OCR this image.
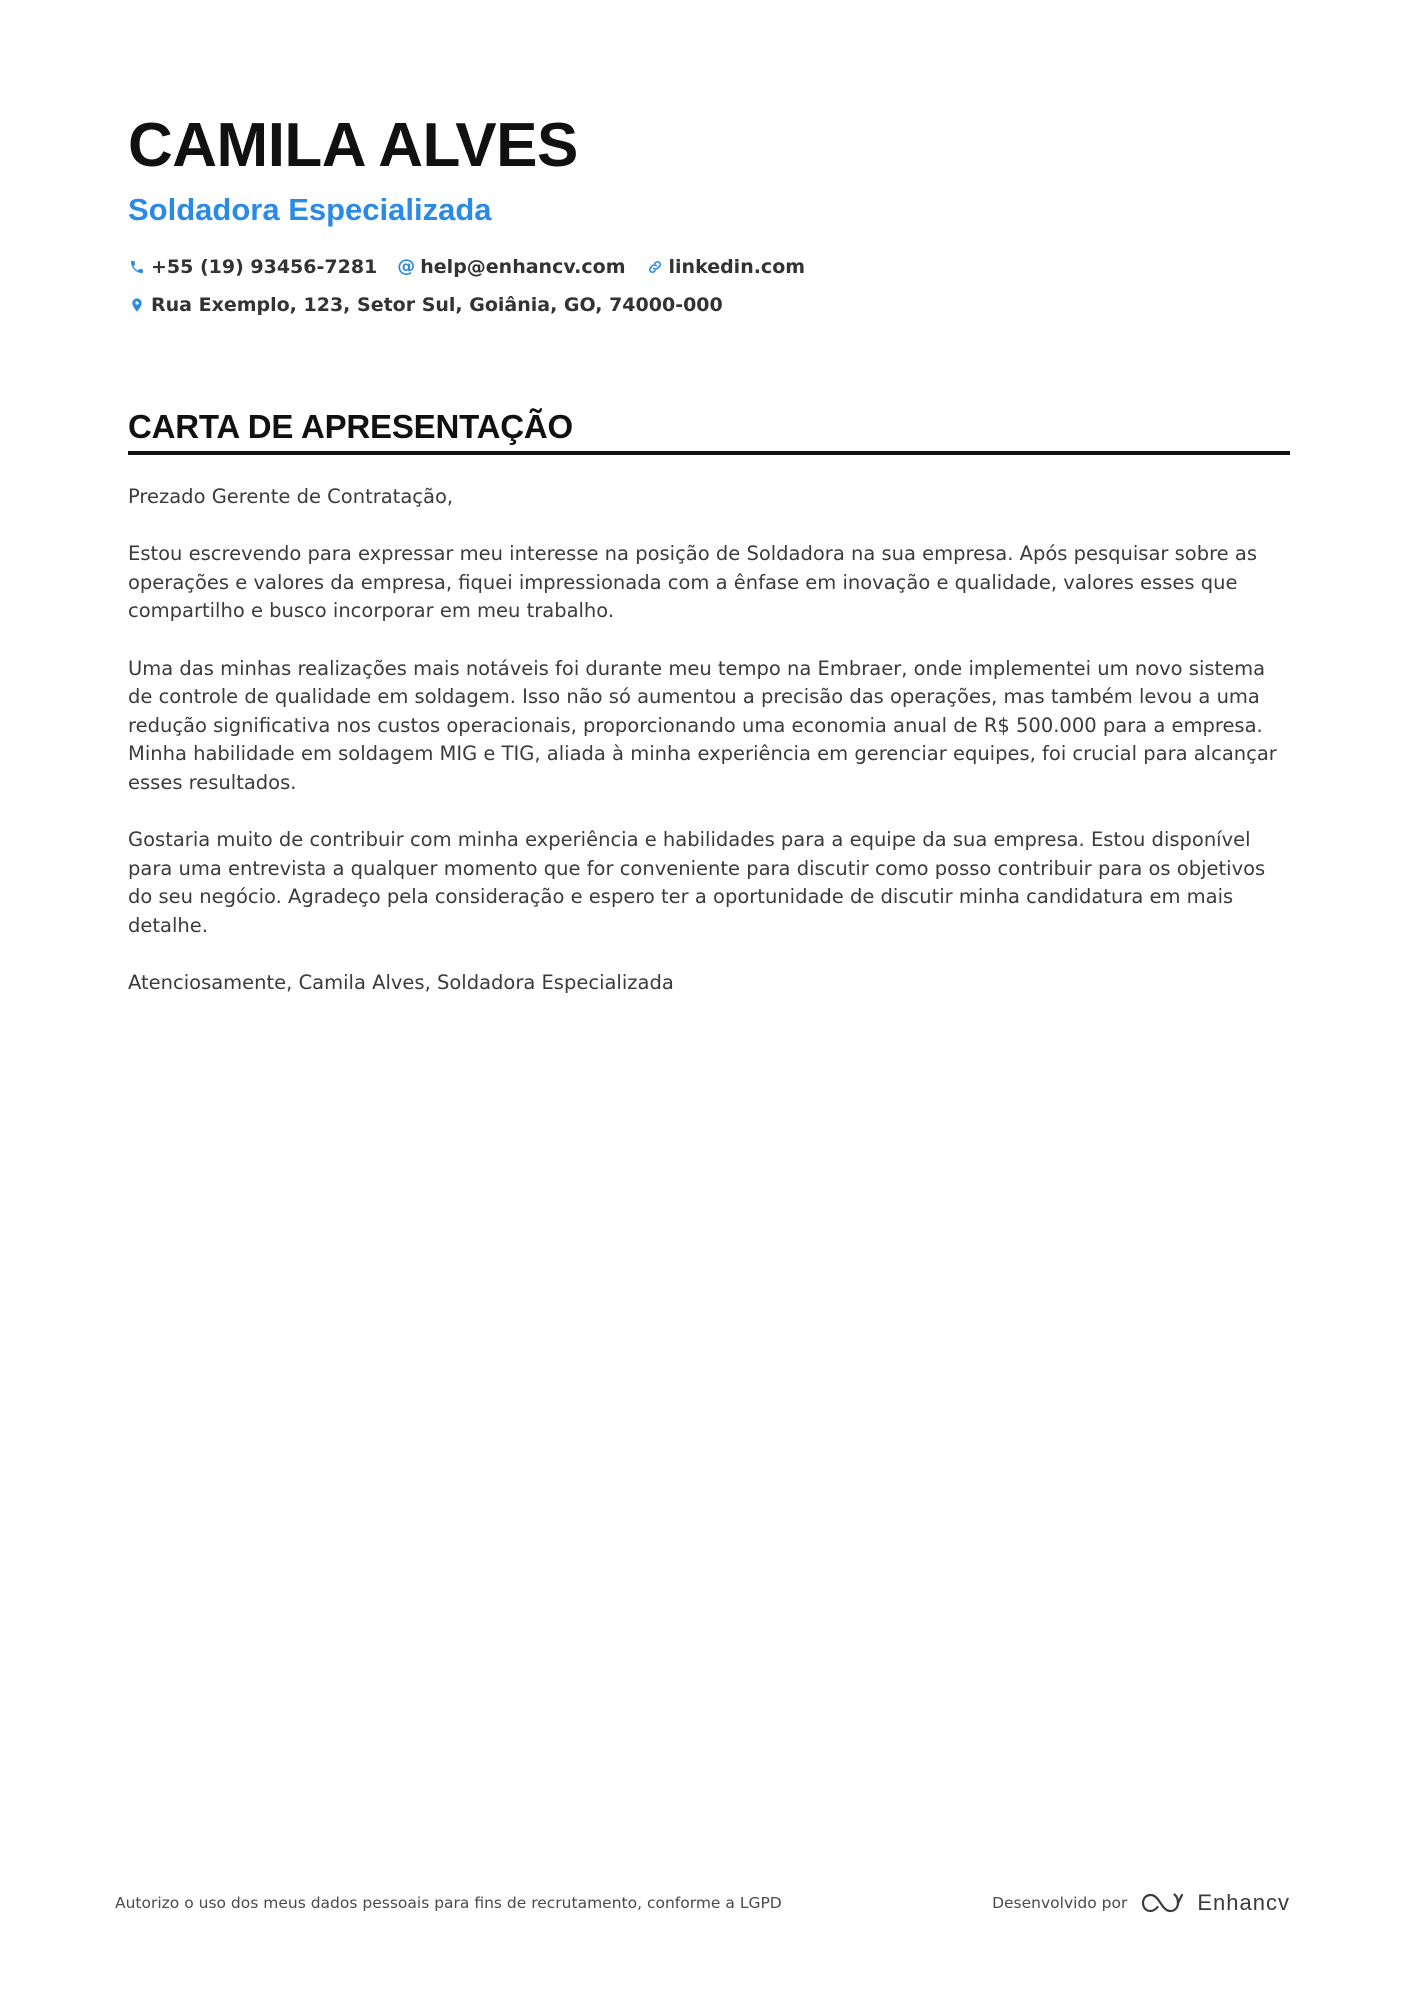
CAMILA ALVES
Soldadora Especializada
+55 (19) 93456-7281 @ help@enhancv.com linkedin.com
Rua Exemplo, 123, Setor Sul, Goiânia, GO, 74000-000
CARTA DE APRESENTAÇÃO

Prezado Gerente de Contratação,

Estou escrevendo para expressar meu interesse na posição de Soldadora na sua empresa. Após pesquisar sobre as operações e valores da empresa, fiquei impressionada com a ênfase em inovação e qualidade, valores esses que compartilho e busco incorporar em meu trabalho.

Uma das minhas realizações mais notáveis foi durante meu tempo na Embraer, onde implementei um novo sistema de controle de qualidade em soldagem. Isso não só aumentou a precisão das operações, mas também levou a uma redução significativa nos custos operacionais, proporcionando uma economia anual de R$ 500.000 para a empresa. Minha habilidade em soldagem MIG e TIG, aliada à minha experiência em gerenciar equipes, foi crucial para alcançar esses resultados.

Gostaria muito de contribuir com minha experiência e habilidades para a equipe da sua empresa. Estou disponível para uma entrevista a qualquer momento que for conveniente para discutir como posso contribuir para os objetivos do seu negócio. Agradeço pela consideração e espero ter a oportunidade de discutir minha candidatura em mais detalhe.

Atenciosamente, Camila Alves, Soldadora Especializada

Autorizo o uso dos meus dados pessoais para fins de recrutamento, conforme a LGPD	Desenvolvido por	Enhancv
